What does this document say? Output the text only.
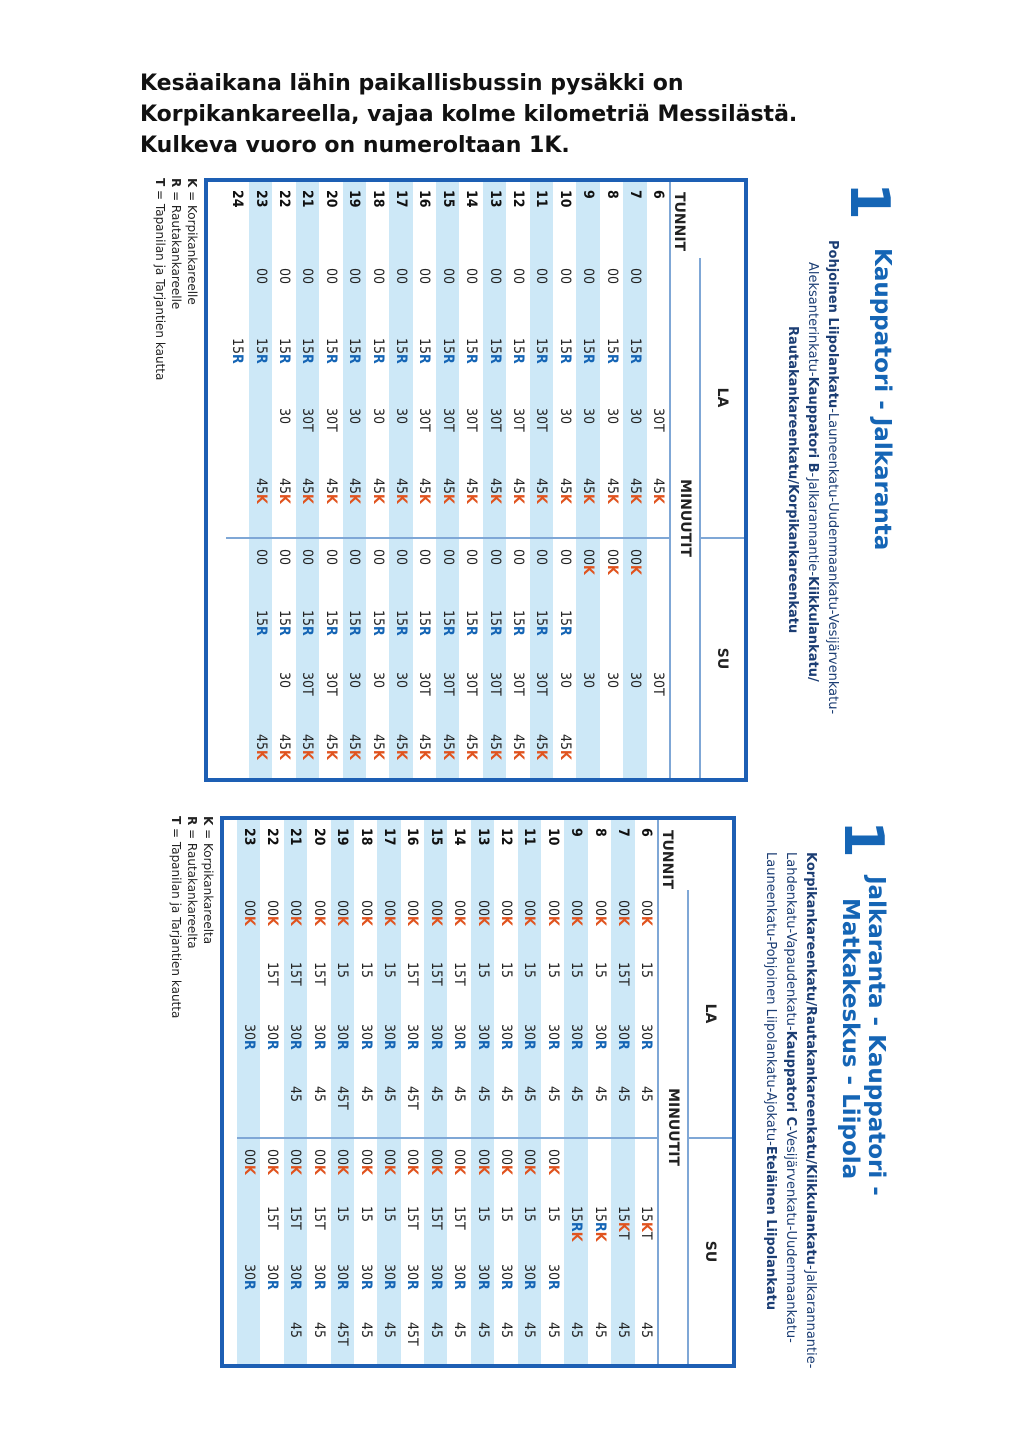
Kesäaikana lähin paikallisbussin pysäkki on
Korpikankareella, vajaa kolme kilometriä Messilästä.
Kulkeva vuoro on numeroltaan 1K.
1
Kauppatori - Jalkaranta
Pohjoinen Liipolankatu-Launeenkatu-Uudenmaankatu-Vesijärvenkatu-
Aleksanterinkatu-Kauppatori B-Jalkarannantie-Kiikkulankatu/
Rautakankareenkatu/Korpikankareenkatu
TUNNIT	LA				SU			
	MINUUTIT							
6			30T	45K			30T	
7	00	15R	30	45K	00K		30	
8	00	15R	30	45K	00K		30	
9	00	15R	30	45K	00K		30	
10	00	15R	30	45K	00	15R	30	45K
11	00	15R	30T	45K	00	15R	30T	45K
12	00	15R	30T	45K	00	15R	30T	45K
13	00	15R	30T	45K	00	15R	30T	45K
14	00	15R	30T	45K	00	15R	30T	45K
15	00	15R	30T	45K	00	15R	30T	45K
16	00	15R	30T	45K	00	15R	30T	45K
17	00	15R	30	45K	00	15R	30	45K
18	00	15R	30	45K	00	15R	30	45K
19	00	15R	30	45K	00	15R	30	45K
20	00	15R	30T	45K	00	15R	30T	45K
21	00	15R	30T	45K	00	15R	30T	45K
22	00	15R	30	45K	00	15R	30	45K
23	00	15R		45K	00	15R		45K
24		15R						
K = Korpikankareelle
R = Rautakankareelle
T = Tapanilan ja Tarjantien kautta
1
Jalkaranta - Kauppatori -
Matkakeskus - Liipola
Korpikankareenkatu/Rautakankareenkatu/Kiikkulankatu-Jalkarannantie-
Lahdenkatu-Vapaudenkatu-Kauppatori C-Vesijärvenkatu-Uudenmaankatu-
Launeenkatu-Pohjoinen Liipolankatu-Ajokatu-Eteläinen Liipolankatu
TUNNIT	LA				SU			
	MINUUTIT							
6	00K	15	30R	45		15KT		45
7	00K	15T	30R	45		15KT		45
8	00K	15	30R	45		15RK		45
9	00K	15	30R	45		15RK		45
10	00K	15	30R	45	00K	15	30R	45
11	00K	15	30R	45	00K	15	30R	45
12	00K	15	30R	45	00K	15	30R	45
13	00K	15	30R	45	00K	15	30R	45
14	00K	15T	30R	45	00K	15T	30R	45
15	00K	15T	30R	45	00K	15T	30R	45
16	00K	15T	30R	45T	00K	15T	30R	45T
17	00K	15	30R	45	00K	15	30R	45
18	00K	15	30R	45	00K	15	30R	45
19	00K	15	30R	45T	00K	15	30R	45T
20	00K	15T	30R	45	00K	15T	30R	45
21	00K	15T	30R	45	00K	15T	30R	45
22	00K	15T	30R		00K	15T	30R	
23	00K		30R		00K		30R	
K = Korpikankareelta
R = Rautakankareelta
T = Tapanilan ja Tarjantien kautta
